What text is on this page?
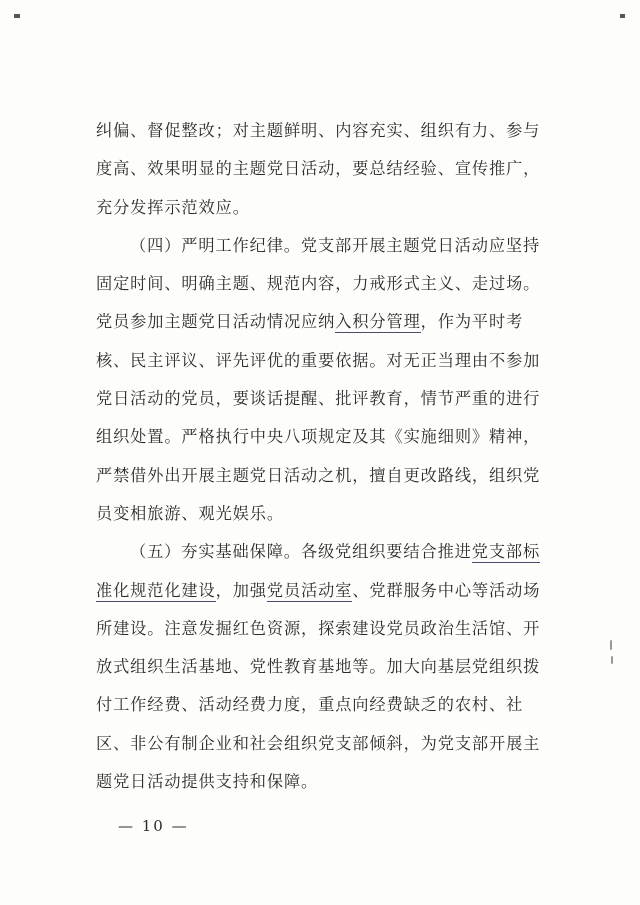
纠偏、督促整改；对主题鲜明、内容充实、组织有力、参与
度高、效果明显的主题党日活动，要总结经验、宣传推广，
充分发挥示范效应。
（四）严明工作纪律。党支部开展主题党日活动应坚持
固定时间、明确主题、规范内容，力戒形式主义、走过场。
党员参加主题党日活动情况应纳入积分管理，作为平时考
核、民主评议、评先评优的重要依据。对无正当理由不参加
党日活动的党员，要谈话提醒、批评教育，情节严重的进行
组织处置。严格执行中央八项规定及其《实施细则》精神，
严禁借外出开展主题党日活动之机，擅自更改路线，组织党
员变相旅游、观光娱乐。
（五）夯实基础保障。各级党组织要结合推进党支部标
准化规范化建设，加强党员活动室、党群服务中心等活动场
所建设。注意发掘红色资源，探索建设党员政治生活馆、开
放式组织生活基地、党性教育基地等。加大向基层党组织拨
付工作经费、活动经费力度，重点向经费缺乏的农村、社
区、非公有制企业和社会组织党支部倾斜，为党支部开展主
题党日活动提供支持和保障。
— 10 —
